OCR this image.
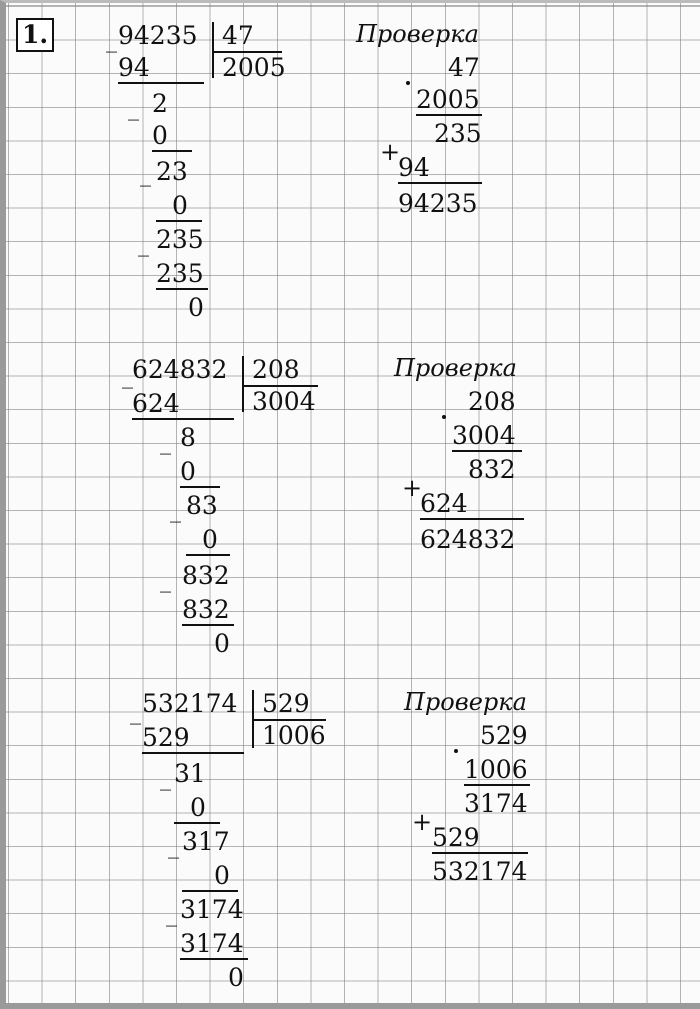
1.	_ 94235 47
2005
94
_ 2
0
_ 23
0
_ 235
235
0
Проверка
47
2005
235
+
94
94235
_ 624832 208
3004
624
_ 8
0
_ 83
0
_ 832
832
0
Проверка
208
3004
832
+
624
624832
_ 532174 529
1006
529
_ 31
0
_ 317
0
_ 3174
3174
0
Проверка
529
1006
3174
+
529
532174
